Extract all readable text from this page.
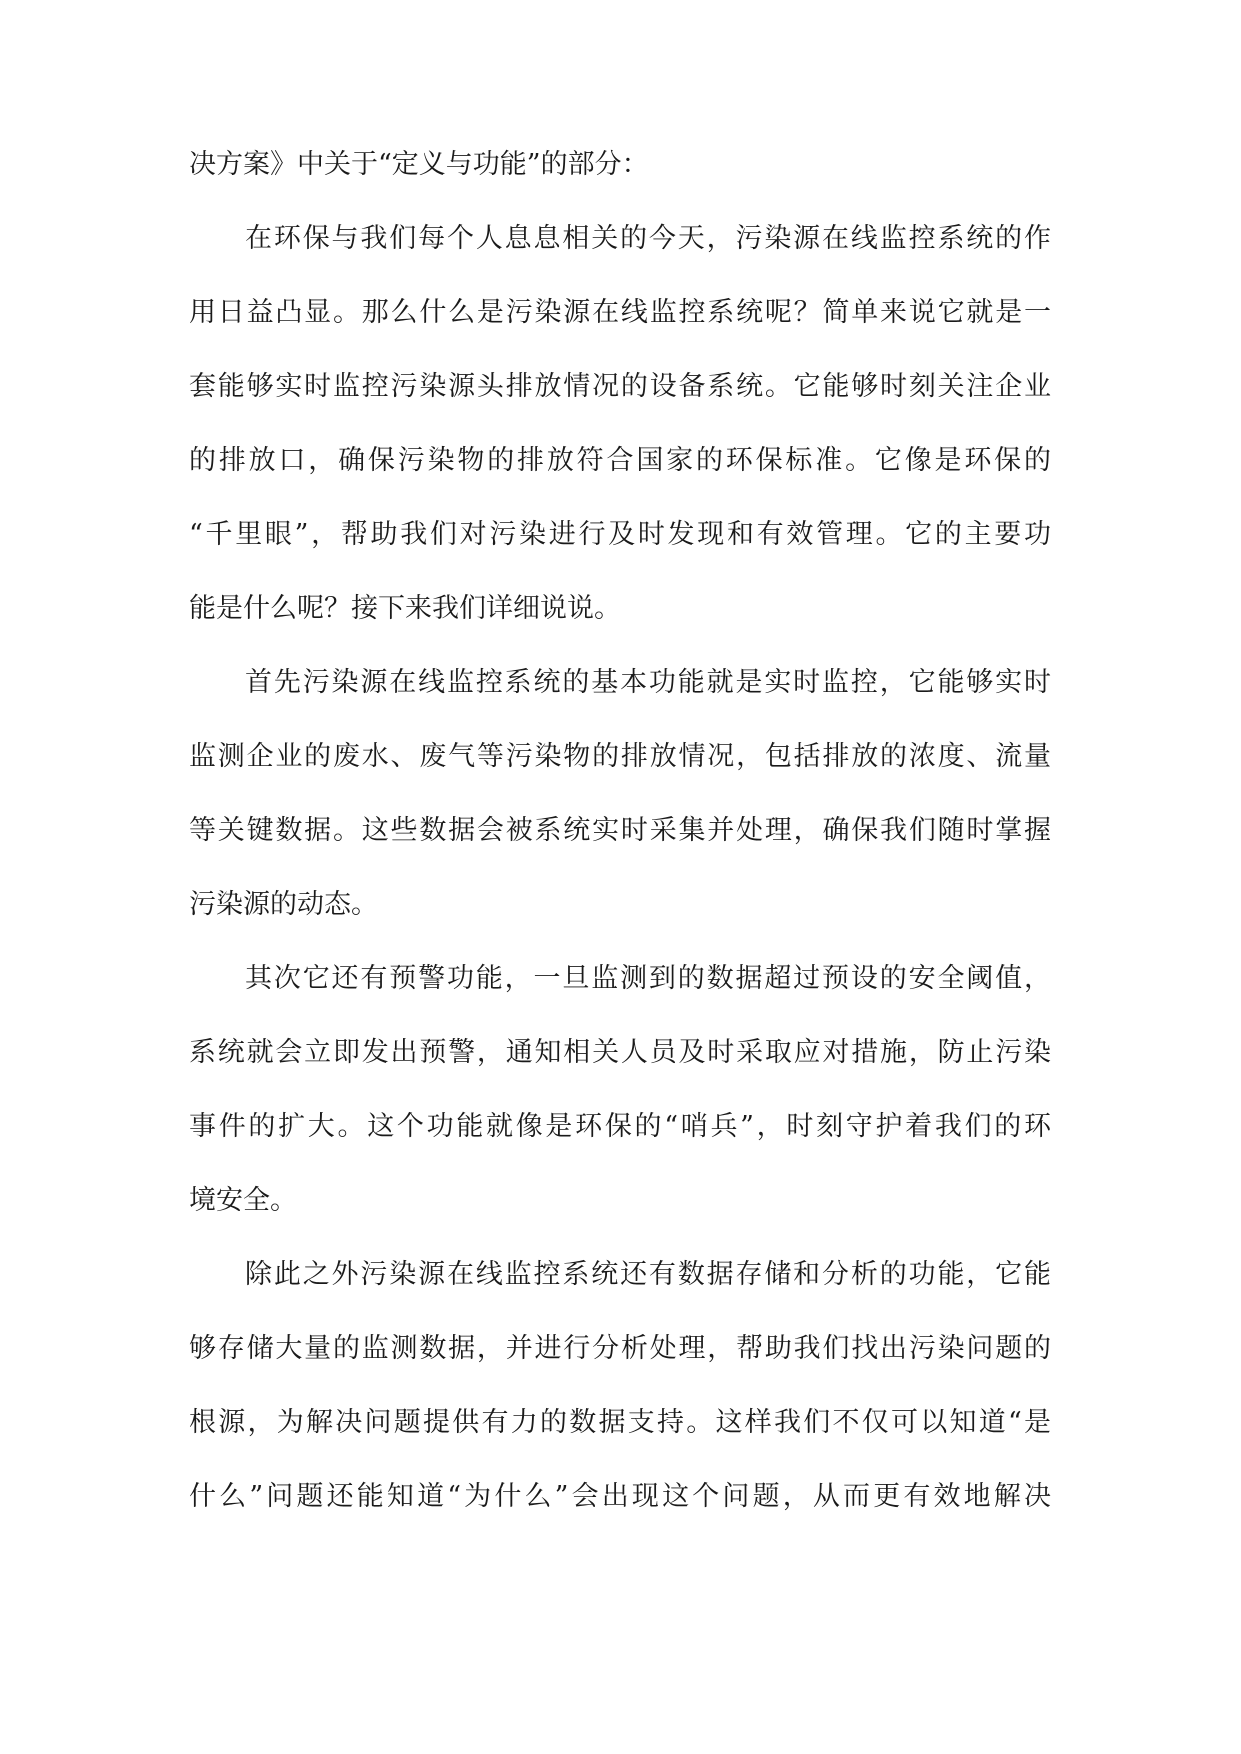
决方案》中关于“定义与功能”的部分：
在环保与我们每个人息息相关的今天，污染源在线监控系统的作
用日益凸显。那么什么是污染源在线监控系统呢？简单来说它就是一
套能够实时监控污染源头排放情况的设备系统。它能够时刻关注企业
的排放口，确保污染物的排放符合国家的环保标准。它像是环保的
“千里眼”，帮助我们对污染进行及时发现和有效管理。它的主要功
能是什么呢？接下来我们详细说说。
首先污染源在线监控系统的基本功能就是实时监控，它能够实时
监测企业的废水、废气等污染物的排放情况，包括排放的浓度、流量
等关键数据。这些数据会被系统实时采集并处理，确保我们随时掌握
污染源的动态。
其次它还有预警功能，一旦监测到的数据超过预设的安全阈值，
系统就会立即发出预警，通知相关人员及时采取应对措施，防止污染
事件的扩大。这个功能就像是环保的“哨兵”，时刻守护着我们的环
境安全。
除此之外污染源在线监控系统还有数据存储和分析的功能，它能
够存储大量的监测数据，并进行分析处理，帮助我们找出污染问题的
根源，为解决问题提供有力的数据支持。这样我们不仅可以知道“是
什么”问题还能知道“为什么”会出现这个问题，从而更有效地解决
